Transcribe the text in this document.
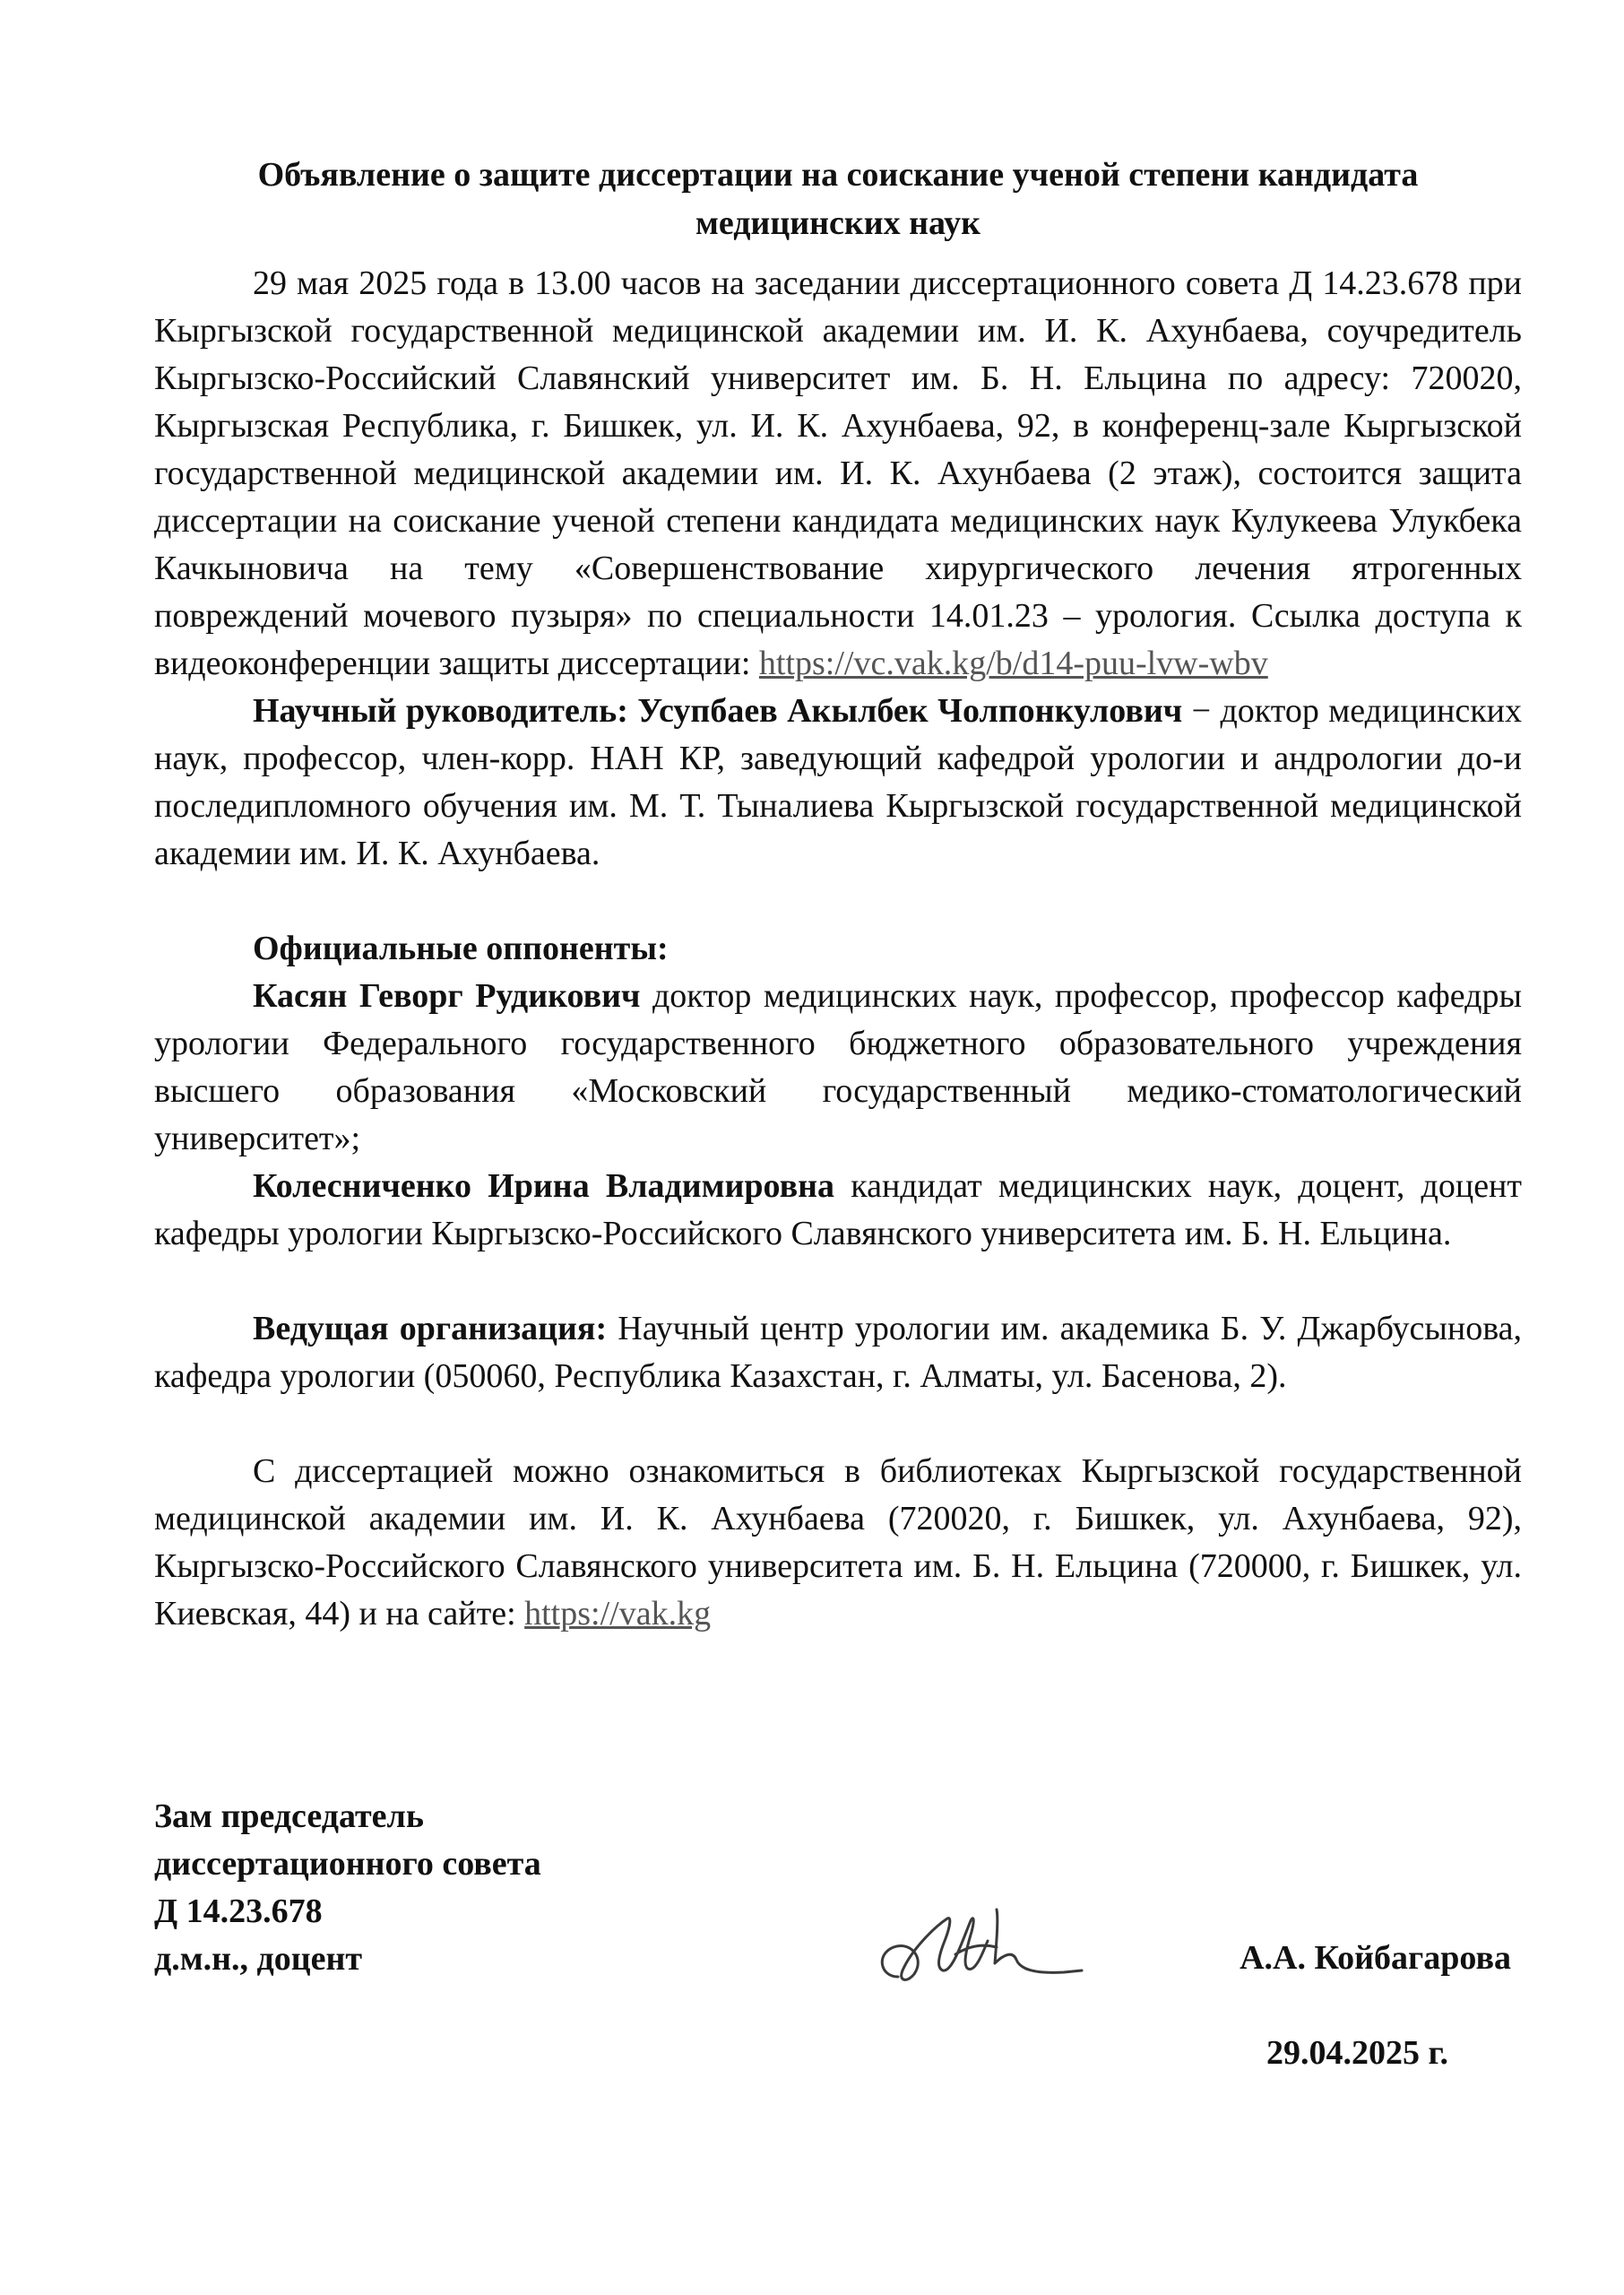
Объявление о защите диссертации на соискание ученой степени кандидата медицинских наук

29 мая 2025 года в 13.00 часов на заседании диссертационного совета Д 14.23.678 при Кыргызской государственной медицинской академии им. И. К. Ахунбаева, соучредитель Кыргызско-Российский Славянский университет им. Б. Н. Ельцина по адресу: 720020, Кыргызская Республика, г. Бишкек, ул. И. К. Ахунбаева, 92, в конференц-зале Кыргызской государственной медицинской академии им. И. К. Ахунбаева (2 этаж), состоится защита диссертации на соискание ученой степени кандидата медицинских наук Кулукеева Улукбека Качкыновича на тему «Совершенствование хирургического лечения ятрогенных повреждений мочевого пузыря» по специальности 14.01.23 – урология. Ссылка доступа к видеоконференции защиты диссертации: https://vc.vak.kg/b/d14-puu-lvw-wbv

Научный руководитель: Усупбаев Акылбек Чолпонкулович − доктор медицинских наук, профессор, член-корр. НАН КР, заведующий кафедрой урологии и андрологии до-и последипломного обучения им. М. Т. Тыналиева Кыргызской государственной медицинской академии им. И. К. Ахунбаева.

Официальные оппоненты:

Касян Геворг Рудикович доктор медицинских наук, профессор, профессор кафедры урологии Федерального государственного бюджетного образовательного учреждения высшего образования «Московский государственный медико-стоматологический университет»;

Колесниченко Ирина Владимировна кандидат медицинских наук, доцент, доцент кафедры урологии Кыргызско-Российского Славянского университета им. Б. Н. Ельцина.

Ведущая организация: Научный центр урологии им. академика Б. У. Джарбусынова, кафедра урологии (050060, Республика Казахстан, г. Алматы, ул. Басенова, 2).

С диссертацией можно ознакомиться в библиотеках Кыргызской государственной медицинской академии им. И. К. Ахунбаева (720020, г. Бишкек, ул. Ахунбаева, 92), Кыргызско-Российского Славянского университета им. Б. Н. Ельцина (720000, г. Бишкек, ул. Киевская, 44) и на сайте: https://vak.kg

Зам председатель
диссертационного совета
Д 14.23.678
д.м.н., доцент	А.А. Койбагарова
29.04.2025 г.
